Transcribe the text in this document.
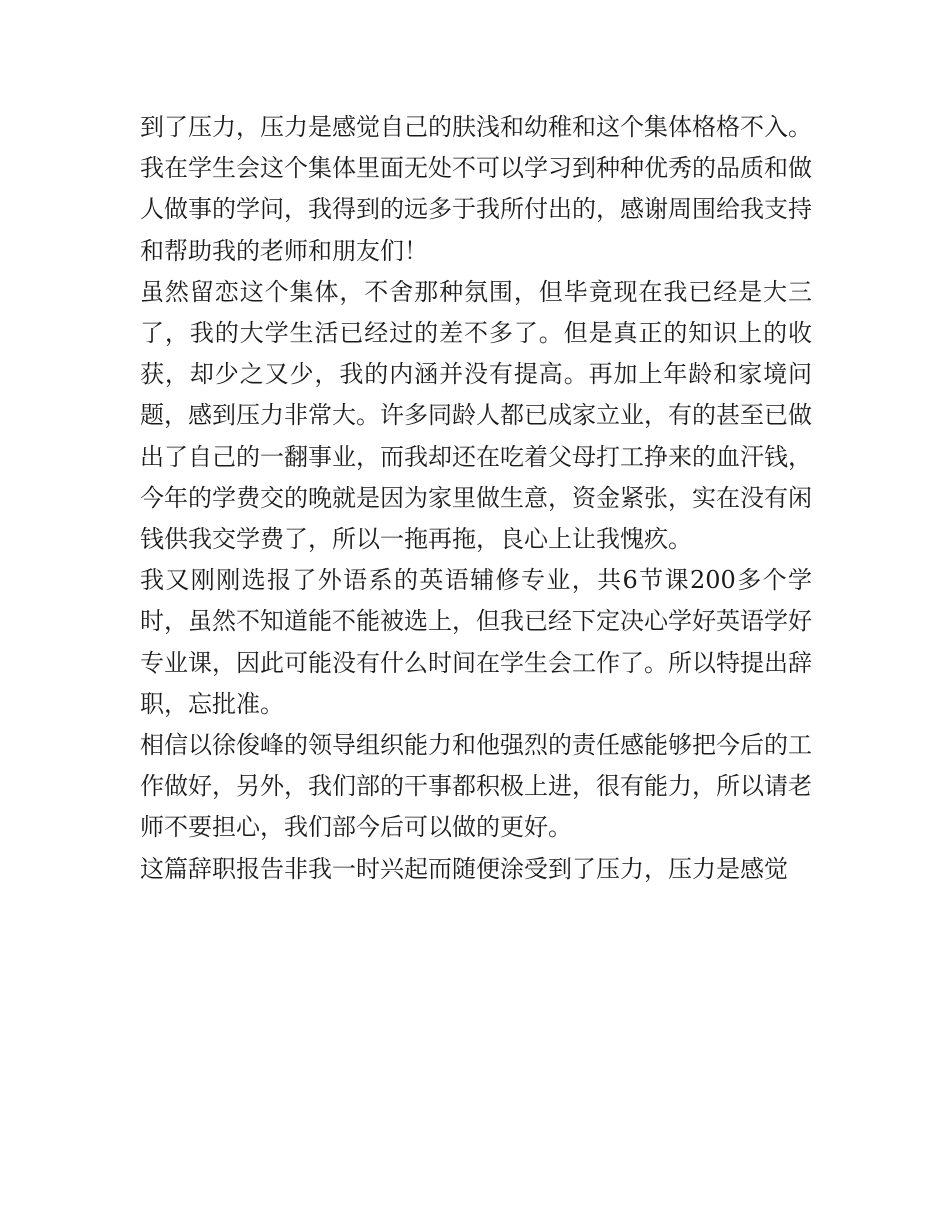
到了压力，压力是感觉自己的肤浅和幼稚和这个集体格格不入。

我在学生会这个集体里面无处不可以学习到种种优秀的品质和做人做事的学问，我得到的远多于我所付出的，感谢周围给我支持和帮助我的老师和朋友们！

虽然留恋这个集体，不舍那种氛围，但毕竟现在我已经是大三了，我的大学生活已经过的差不多了。但是真正的知识上的收获，却少之又少，我的内涵并没有提高。再加上年龄和家境问题，感到压力非常大。许多同龄人都已成家立业，有的甚至已做出了自己的一翻事业，而我却还在吃着父母打工挣来的血汗钱，今年的学费交的晚就是因为家里做生意，资金紧张，实在没有闲钱供我交学费了，所以一拖再拖，良心上让我愧疚。

我又刚刚选报了外语系的英语辅修专业，共6节课200多个学时，虽然不知道能不能被选上，但我已经下定决心学好英语学好专业课，因此可能没有什么时间在学生会工作了。所以特提出辞职，忘批准。

相信以徐俊峰的领导组织能力和他强烈的责任感能够把今后的工作做好，另外，我们部的干事都积极上进，很有能力，所以请老师不要担心，我们部今后可以做的更好。

这篇辞职报告非我一时兴起而随便涂受到了压力，压力是感觉
